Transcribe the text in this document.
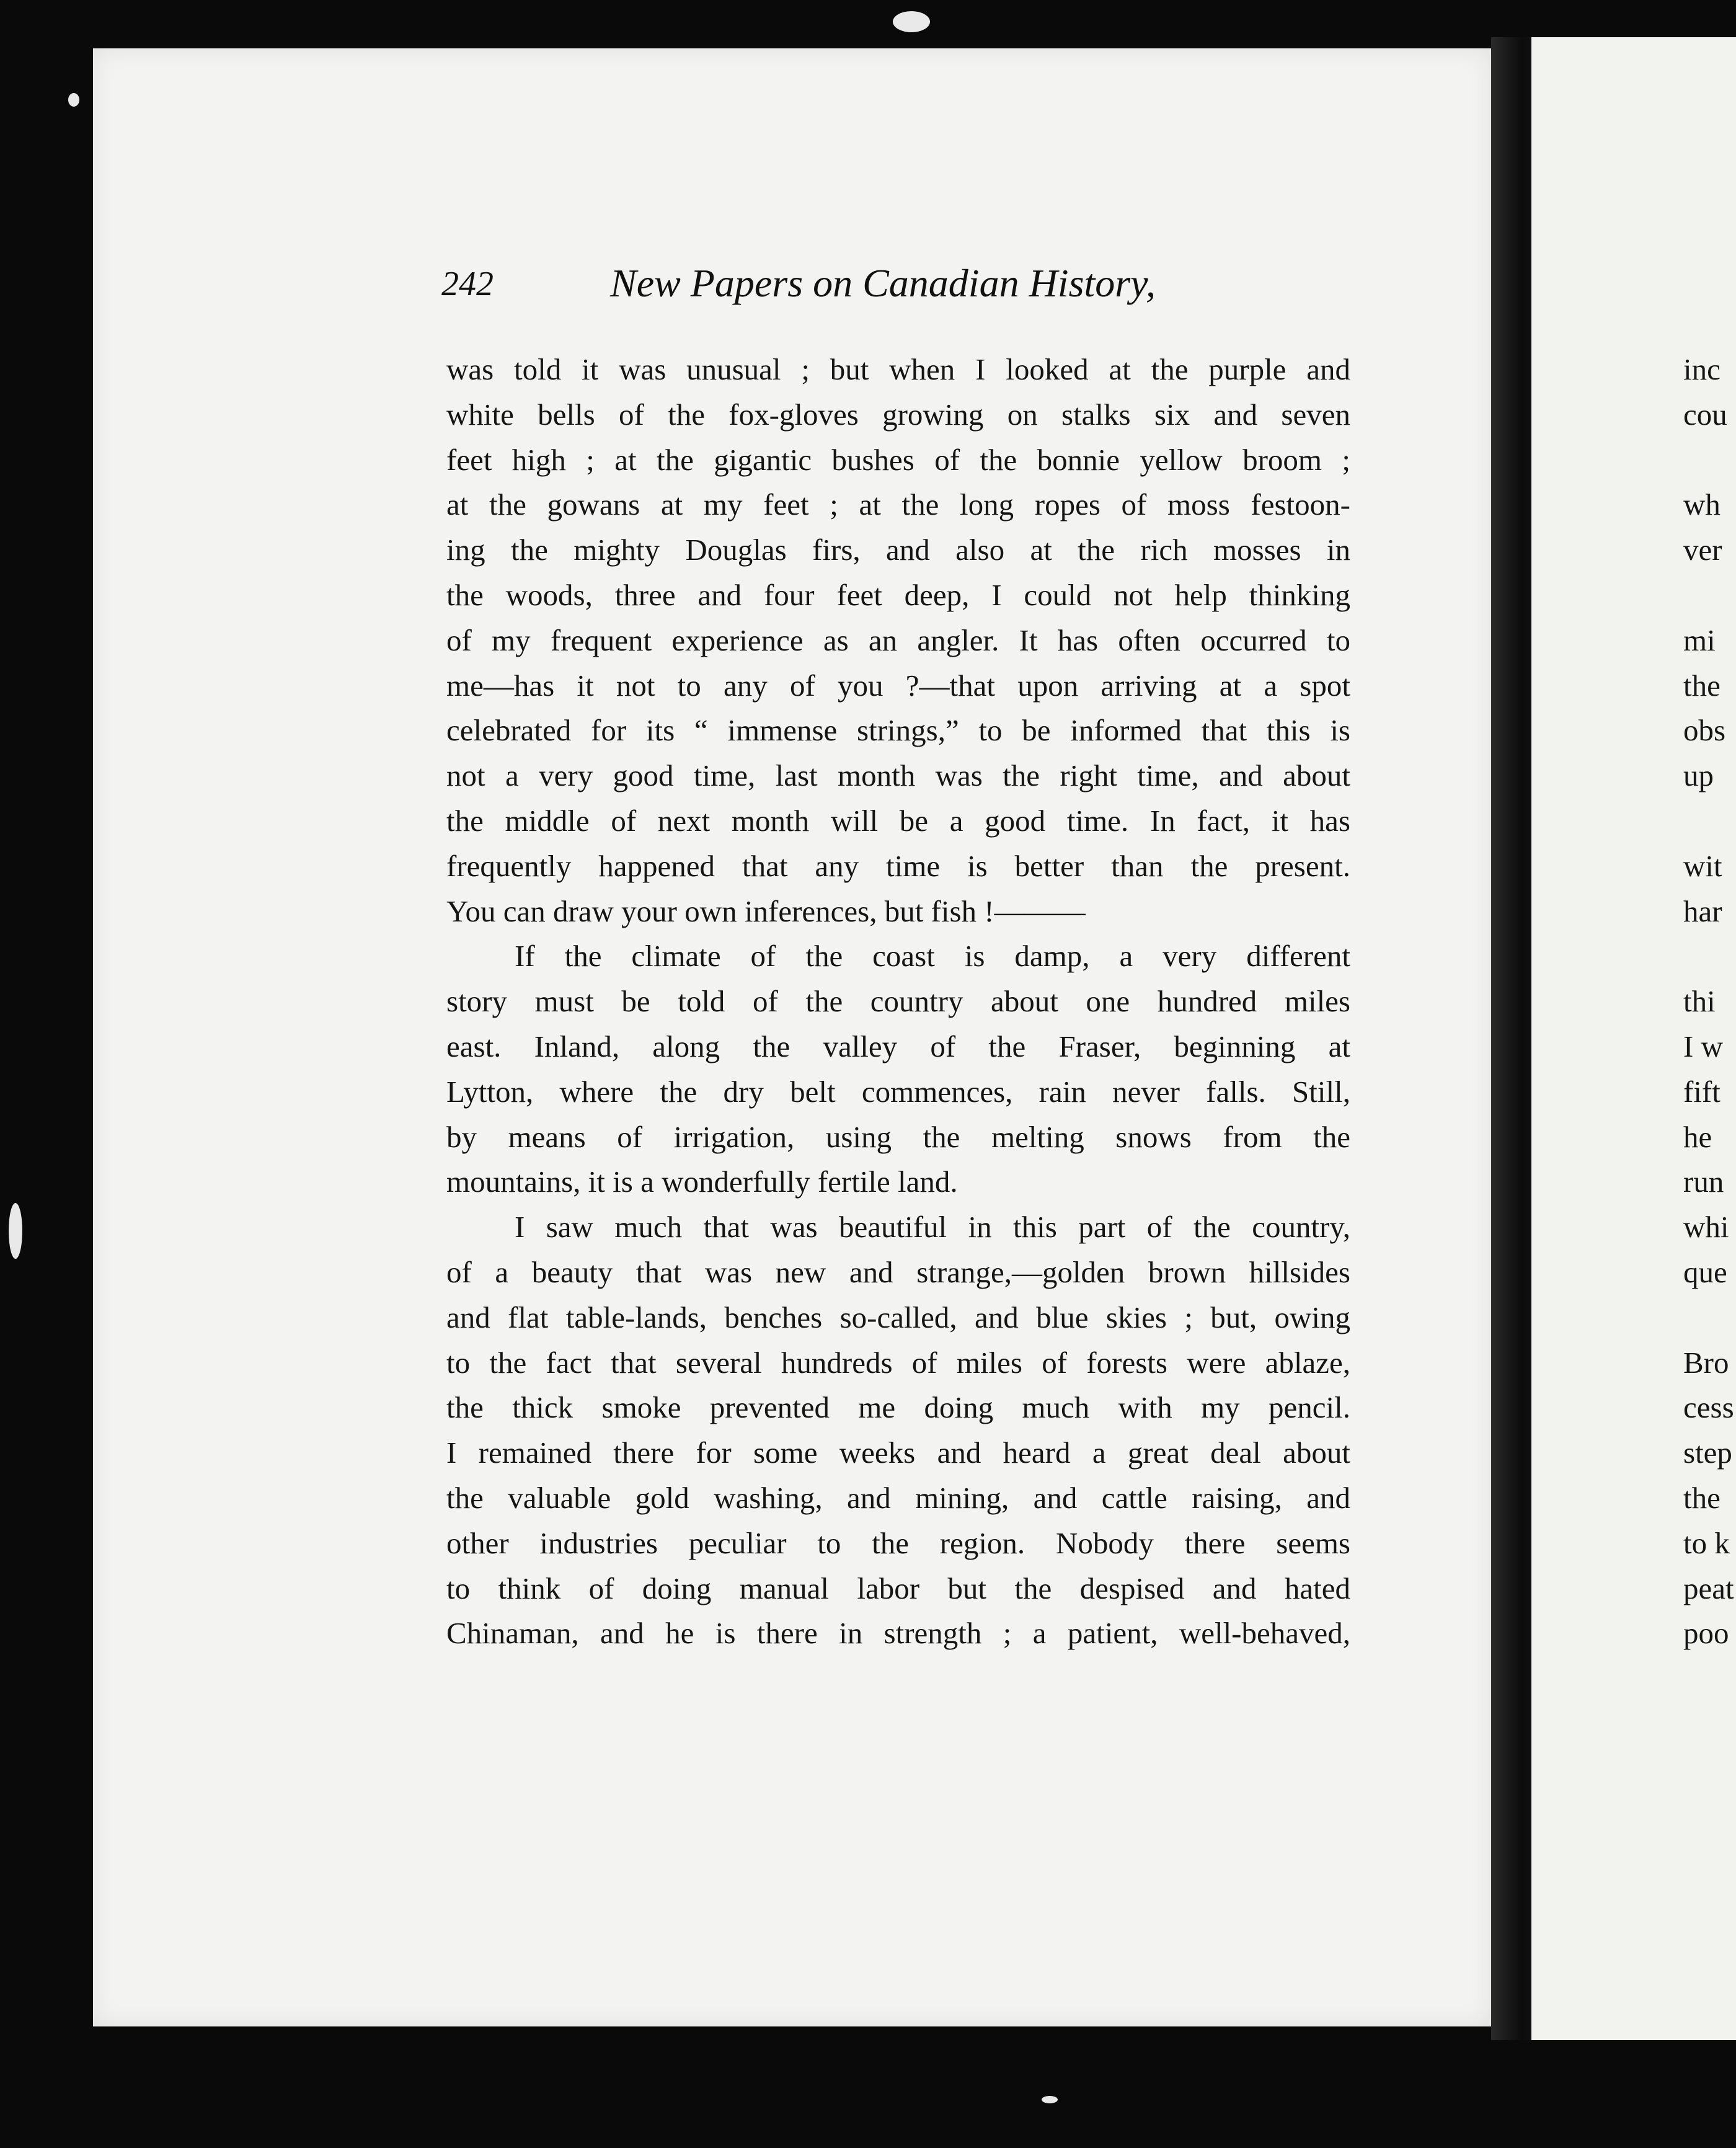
242	New Papers on Canadian History,
was told it was unusual ; but when I looked at the purple and
white bells of the fox-gloves growing on stalks six and seven
feet high ; at the gigantic bushes of the bonnie yellow broom ;
at the gowans at my feet ; at the long ropes of moss festoon-
ing the mighty Douglas firs, and also at the rich mosses in
the woods, three and four feet deep, I could not help thinking
of my frequent experience as an angler. It has often occurred to
me—has it not to any of you ?—that upon arriving at a spot
celebrated for its “ immense strings,” to be informed that this is
not a very good time, last month was the right time, and about
the middle of next month will be a good time. In fact, it has
frequently happened that any time is better than the present.
You can draw your own inferences, but fish !———
If the climate of the coast is damp, a very different
story must be told of the country about one hundred miles
east. Inland, along the valley of the Fraser, beginning at
Lytton, where the dry belt commences, rain never falls. Still,
by means of irrigation, using the melting snows from the
mountains, it is a wonderfully fertile land.
I saw much that was beautiful in this part of the country,
of a beauty that was new and strange,—golden brown hillsides
and flat table-lands, benches so-called, and blue skies ; but, owing
to the fact that several hundreds of miles of forests were ablaze,
the thick smoke prevented me doing much with my pencil.
I remained there for some weeks and heard a great deal about
the valuable gold washing, and mining, and cattle raising, and
other industries peculiar to the region. Nobody there seems
to think of doing manual labor but the despised and hated
Chinaman, and he is there in strength ; a patient, well-behaved,
inc
cou
wh
ver
mi
the
obs
up
wit
har
thi
I w
fift
he
run
whi
que
Bro
cess
step
the
to k
peat
poo
